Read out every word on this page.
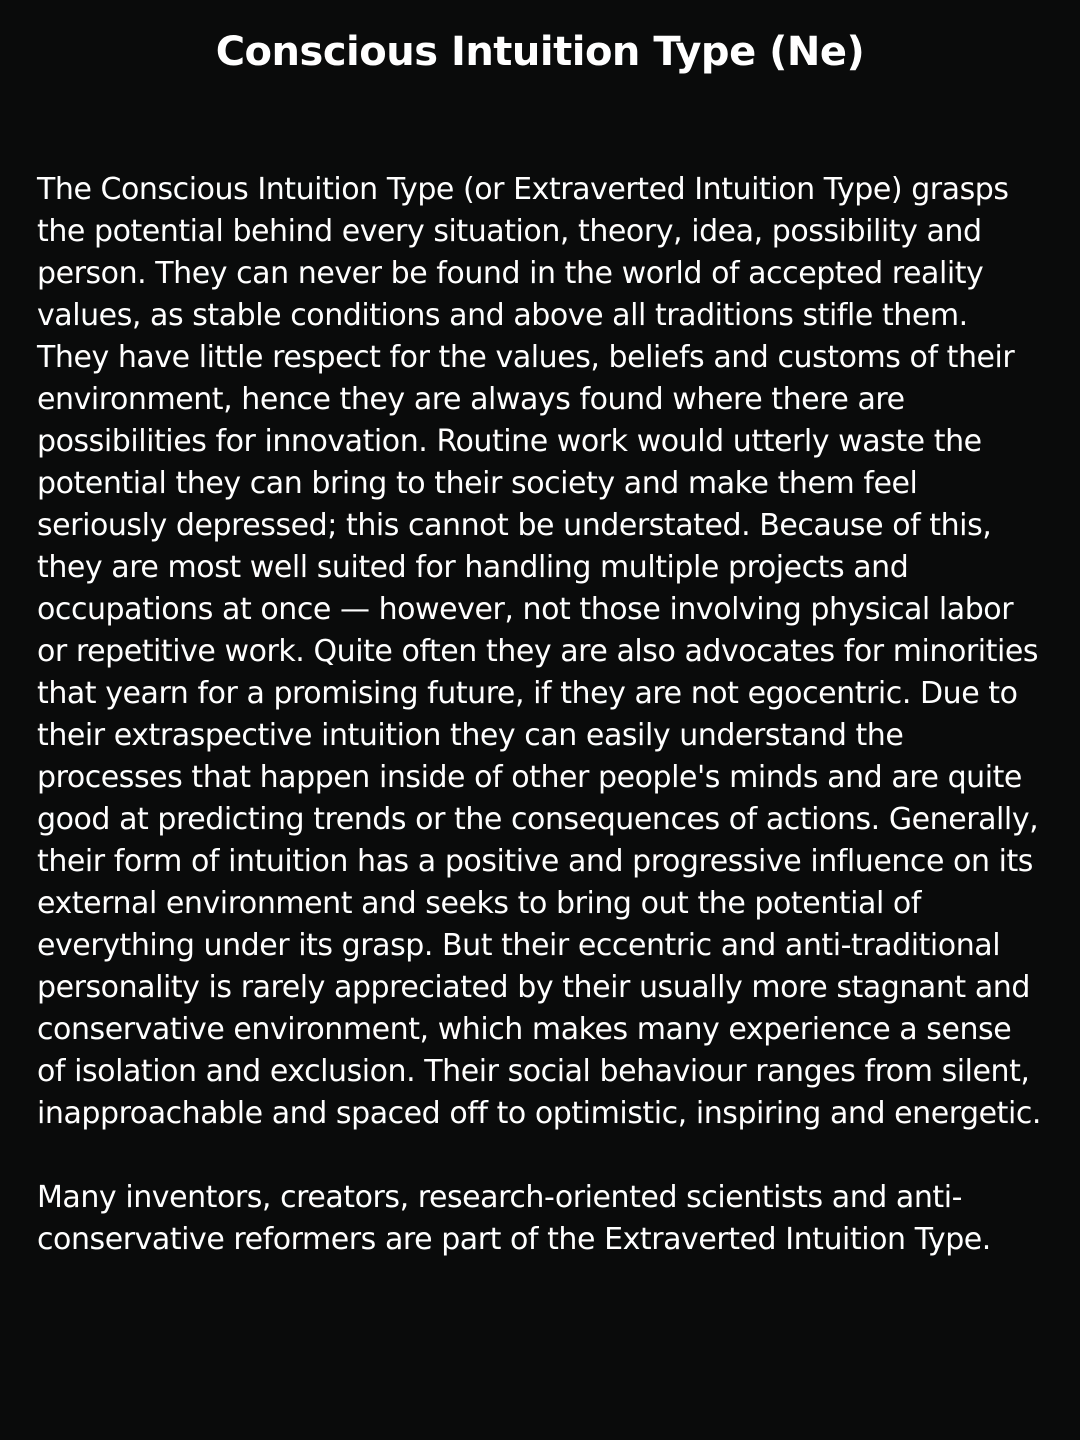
Conscious Intuition Type (Ne)

The Conscious Intuition Type (or Extraverted Intuition Type) grasps the potential behind every situation, theory, idea, possibility and person. They can never be found in the world of accepted reality values, as stable conditions and above all traditions stifle them. They have little respect for the values, beliefs and customs of their environment, hence they are always found where there are possibilities for innovation. Routine work would utterly waste the potential they can bring to their society and make them feel seriously depressed; this cannot be understated. Because of this, they are most well suited for handling multiple projects and occupations at once — however, not those involving physical labor or repetitive work. Quite often they are also advocates for minorities that yearn for a promising future, if they are not egocentric. Due to their extraspective intuition they can easily understand the processes that happen inside of other people's minds and are quite good at predicting trends or the consequences of actions. Generally, their form of intuition has a positive and progressive influence on its external environment and seeks to bring out the potential of everything under its grasp. But their eccentric and anti-traditional personality is rarely appreciated by their usually more stagnant and conservative environment, which makes many experience a sense of isolation and exclusion. Their social behaviour ranges from silent, inapproachable and spaced off to optimistic, inspiring and energetic.

Many inventors, creators, research-oriented scientists and anti-conservative reformers are part of the Extraverted Intuition Type.
